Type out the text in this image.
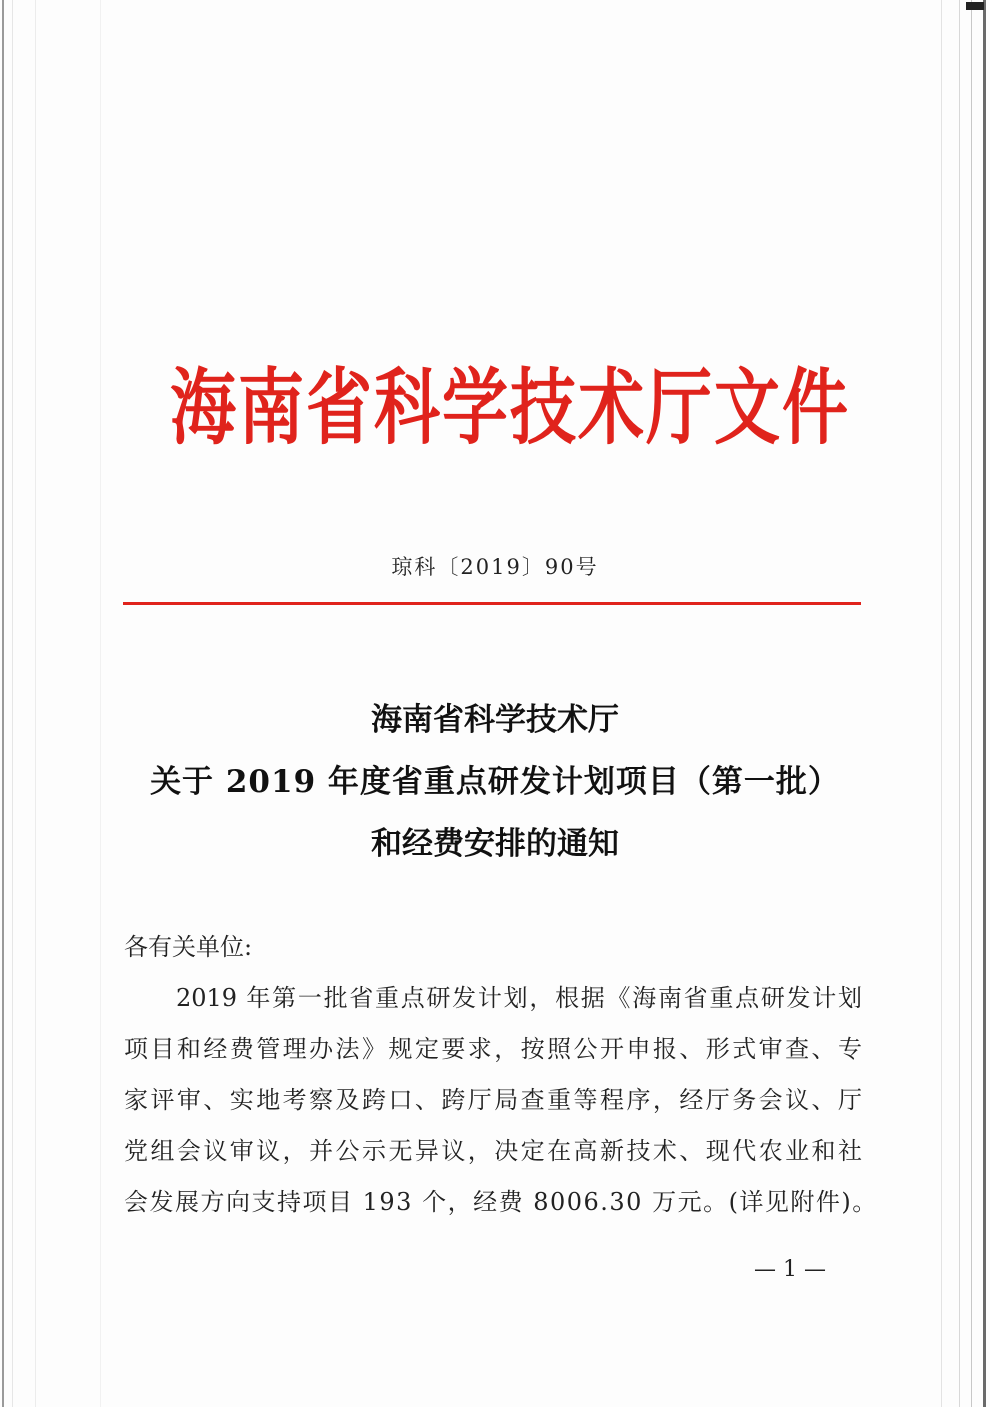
海南省科学技术厅文件
琼科〔2019〕90号
海南省科学技术厅
关于 2019 年度省重点研发计划项目（第一批）
和经费安排的通知
各有关单位:
2019 年第一批省重点研发计划，根据《海南省重点研发计划
项目和经费管理办法》规定要求，按照公开申报、形式审查、专
家评审、实地考察及跨口、跨厅局查重等程序，经厅务会议、厅
党组会议审议，并公示无异议，决定在高新技术、现代农业和社
会发展方向支持项目 193 个，经费 8006.30 万元。(详见附件)。
— 1 —
